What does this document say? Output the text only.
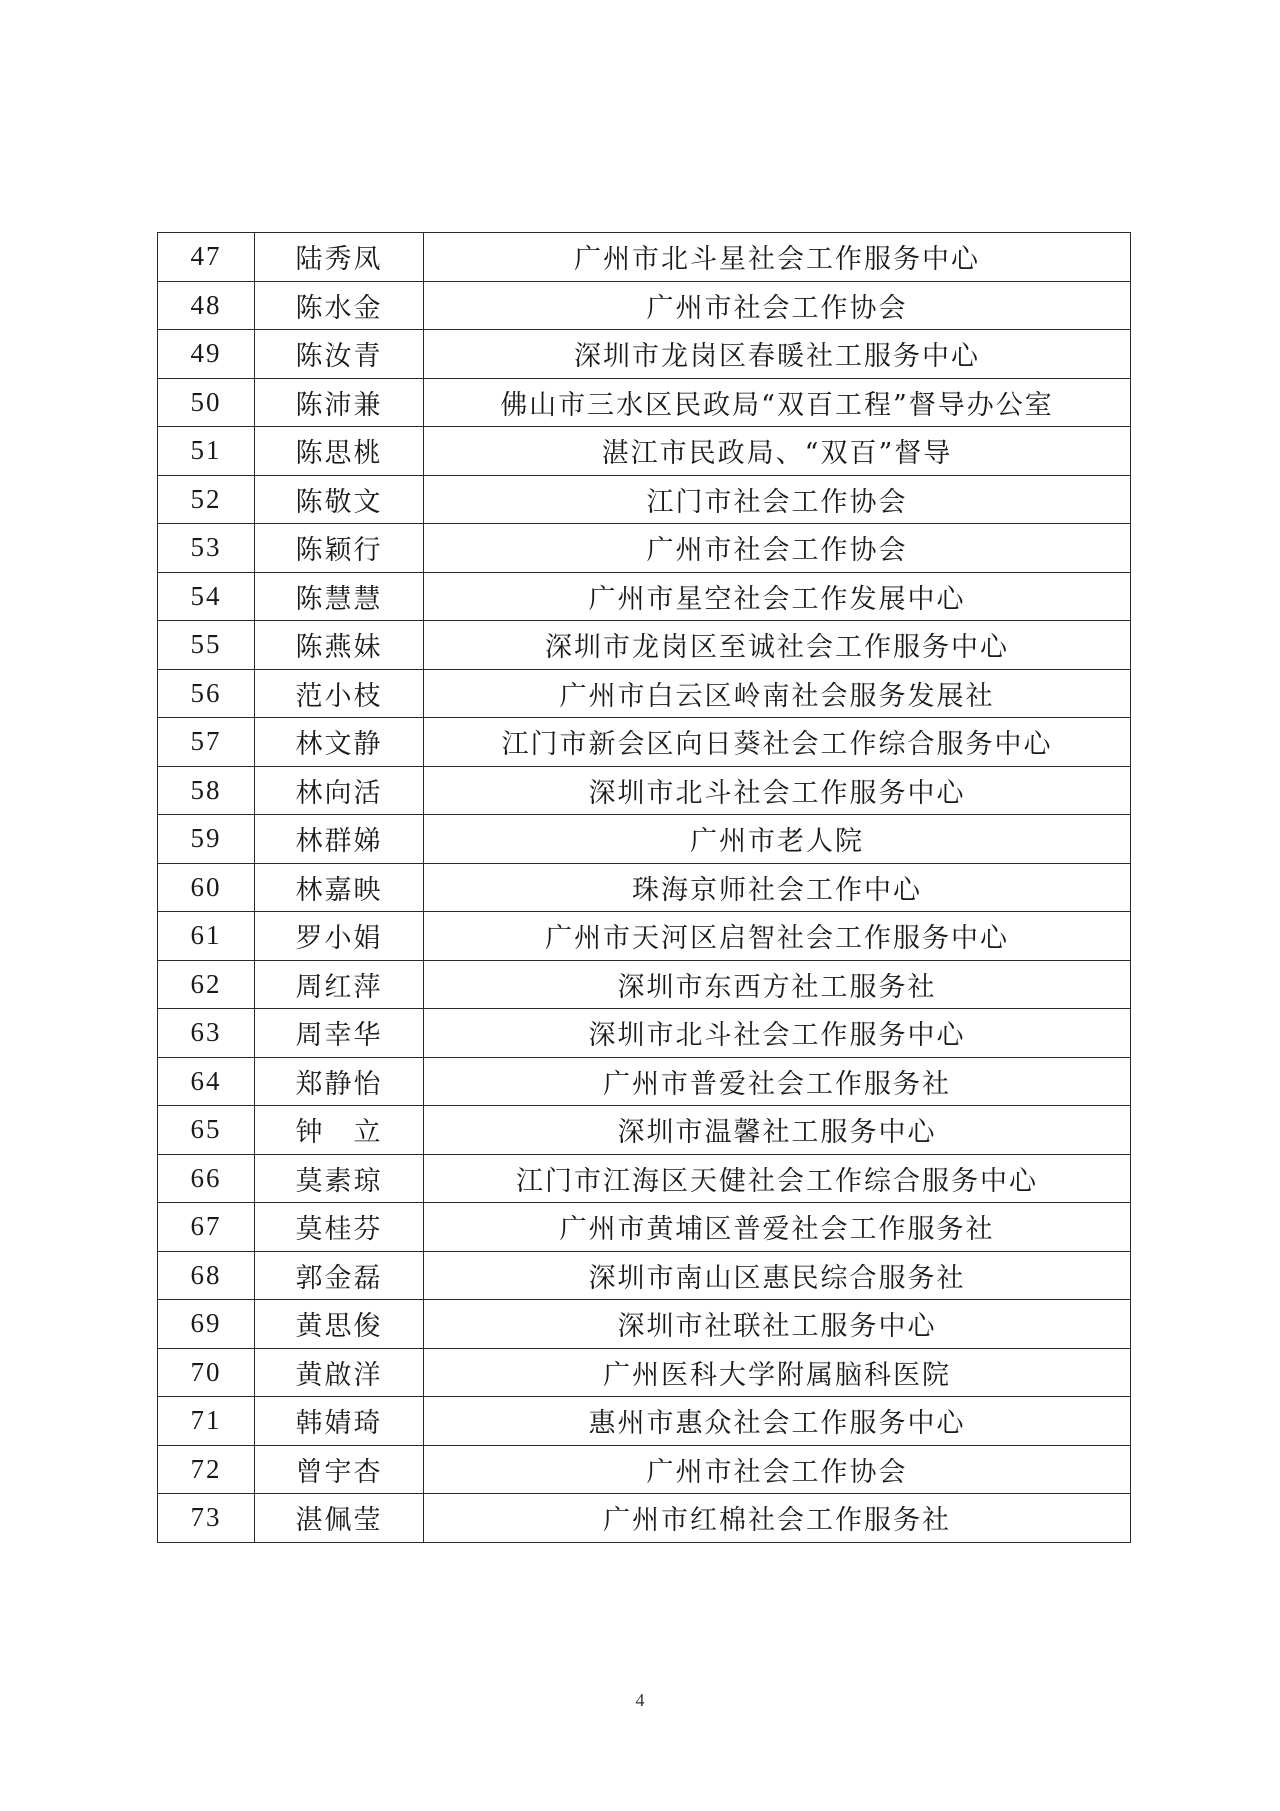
47	陆秀凤	广州市北斗星社会工作服务中心
48	陈水金	广州市社会工作协会
49	陈汝青	深圳市龙岗区春暖社工服务中心
50	陈沛兼	佛山市三水区民政局“双百工程”督导办公室
51	陈思桃	湛江市民政局、“双百”督导
52	陈敬文	江门市社会工作协会
53	陈颖行	广州市社会工作协会
54	陈慧慧	广州市星空社会工作发展中心
55	陈燕妹	深圳市龙岗区至诚社会工作服务中心
56	范小枝	广州市白云区岭南社会服务发展社
57	林文静	江门市新会区向日葵社会工作综合服务中心
58	林向活	深圳市北斗社会工作服务中心
59	林群娣	广州市老人院
60	林嘉映	珠海京师社会工作中心
61	罗小娟	广州市天河区启智社会工作服务中心
62	周红萍	深圳市东西方社工服务社
63	周幸华	深圳市北斗社会工作服务中心
64	郑静怡	广州市普爱社会工作服务社
65	钟　立	深圳市温馨社工服务中心
66	莫素琼	江门市江海区天健社会工作综合服务中心
67	莫桂芬	广州市黄埔区普爱社会工作服务社
68	郭金磊	深圳市南山区惠民综合服务社
69	黄思俊	深圳市社联社工服务中心
70	黄啟洋	广州医科大学附属脑科医院
71	韩婧琦	惠州市惠众社会工作服务中心
72	曾宇杏	广州市社会工作协会
73	湛佩莹	广州市红棉社会工作服务社
4
